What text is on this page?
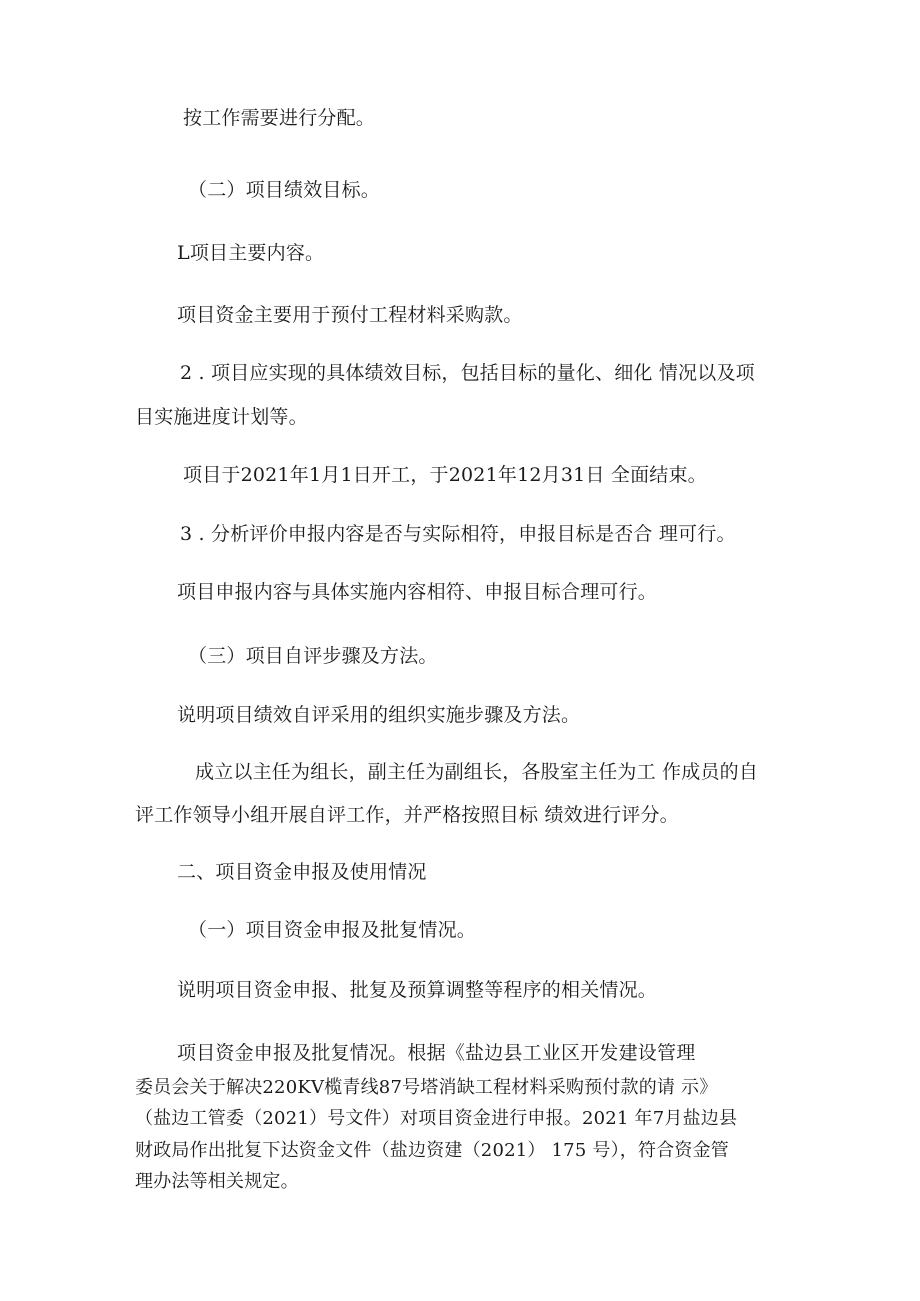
按工作需要进行分配。
（二）项目绩效目标。
L项目主要内容。
项目资金主要用于预付工程材料采购款。
2 . 项目应实现的具体绩效目标，包括目标的量化、细化 情况以及项
目实施进度计划等。
项目于2021年1月1日开工，于2021年12月31日 全面结束。
3 . 分析评价申报内容是否与实际相符，申报目标是否合 理可行。
项目申报内容与具体实施内容相符、申报目标合理可行。
（三）项目自评步骤及方法。
说明项目绩效自评采用的组织实施步骤及方法。
成立以主任为组长，副主任为副组长，各股室主任为工 作成员的自
评工作领导小组开展自评工作，并严格按照目标 绩效进行评分。
二、项目资金申报及使用情况
（一）项目资金申报及批复情况。
说明项目资金申报、批复及预算调整等程序的相关情况。
项目资金申报及批复情况。根据《盐边县工业区开发建设管理
委员会关于解决220KV榄青线87号塔消缺工程材料采购预付款的请 示》
（盐边工管委（2021）号文件）对项目资金进行申报。2021 年7月盐边县
财政局作出批复下达资金文件（盐边资建（2021） 175 号），符合资金管
理办法等相关规定。
